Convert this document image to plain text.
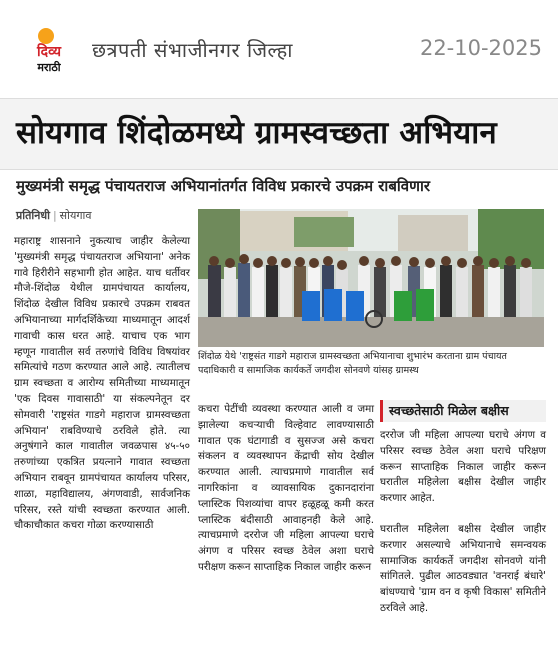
दिव्य
मराठी
छत्रपती संभाजीनगर जिल्हा	22-10-2025
सोयगाव शिंदोळमध्ये ग्रामस्वच्छता अभियान
मुख्यमंत्री समृद्ध पंचायतराज अभियानांतर्गत विविध प्रकारचे उपक्रम राबविणार
प्रतिनिधी | सोयगाव
महाराष्ट्र शासनाने नुकत्याच जाहीर केलेल्या 'मुख्यमंत्री समृद्ध पंचायतराज अभियाना' अनेक गावे हिरीरीने सहभागी होत आहेत. याच धर्तीवर मौजे-शिंदोळ येथील ग्रामपंचायत कार्यालय, शिंदोळ देखील विविध प्रकारचे उपक्रम राबवत अभियानाच्या मार्गदर्शिकेच्या माध्यमातून आदर्श गावाची कास धरत आहे. याचाच एक भाग म्हणून गावातील सर्व तरुणांचे विविध विषयांवर समित्यांचे गठण करण्यात आले आहे. त्यातीलच ग्राम स्वच्छता व आरोग्य समितीच्या माध्यमातून 'एक दिवस गावासाठी' या संकल्पनेतून दर सोमवारी 'राष्ट्रसंत गाडगे महाराज ग्रामस्वच्छता अभियान' राबविण्याचे ठरविले होते. त्या अनुषंगाने काल गावातील जवळपास ४५-५० तरुणांच्या एकत्रित प्रयत्नाने गावात स्वच्छता अभियान राबवून ग्रामपंचायत कार्यालय परिसर, शाळा, महाविद्यालय, अंगणवाडी, सार्वजनिक परिसर, रस्ते यांची स्वच्छता करण्यात आली. चौकाचौकात कचरा गोळा करण्यासाठी
शिंदोळ येथे 'राष्ट्रसंत गाडगे महाराज ग्रामस्वच्छता अभियानाचा शुभारंभ करताना ग्राम पंचायत पदाधिकारी व सामाजिक कार्यकर्ते जगदीश सोनवणे यांसह ग्रामस्थ
कचरा पेटींची व्यवस्था करण्यात आली व जमा झालेल्या कचऱ्याची विल्हेवाट लावण्यासाठी गावात एक घंटागाडी व सुसज्ज असे कचरा संकलन व व्यवस्थापन केंद्राची सोय देखील करण्यात आली. त्याचप्रमाणे गावातील सर्व नागरिकांना व व्यावसायिक दुकानदारांना प्लास्टिक पिशव्यांचा वापर हळूहळू कमी करत प्लास्टिक बंदीसाठी आवाहनही केले आहे. त्याचप्रमाणे दररोज जी महिला आपल्या घराचे अंगण व परिसर स्वच्छ ठेवेल अशा घराचे परीक्षण करून साप्ताहिक निकाल जाहीर करून
स्वच्छतेसाठी मिळेल बक्षीस
दररोज जी महिला आपल्या घराचे अंगण व परिसर स्वच्छ ठेवेल अशा घराचे परिक्षण करून साप्ताहिक निकाल जाहीर करून घरातील महिलेला बक्षीस देखील जाहीर करणार आहेत.
घरातील महिलेला बक्षीस देखील जाहीर करणार असल्याचे अभियानाचे समन्वयक सामाजिक कार्यकर्ते जगदीश सोनवणे यांनी सांगितले. पुढील आठवड्यात 'वनराई बंधारे' बांधण्याचे 'ग्राम वन व कृषी विकास' समितीने ठरविले आहे.
